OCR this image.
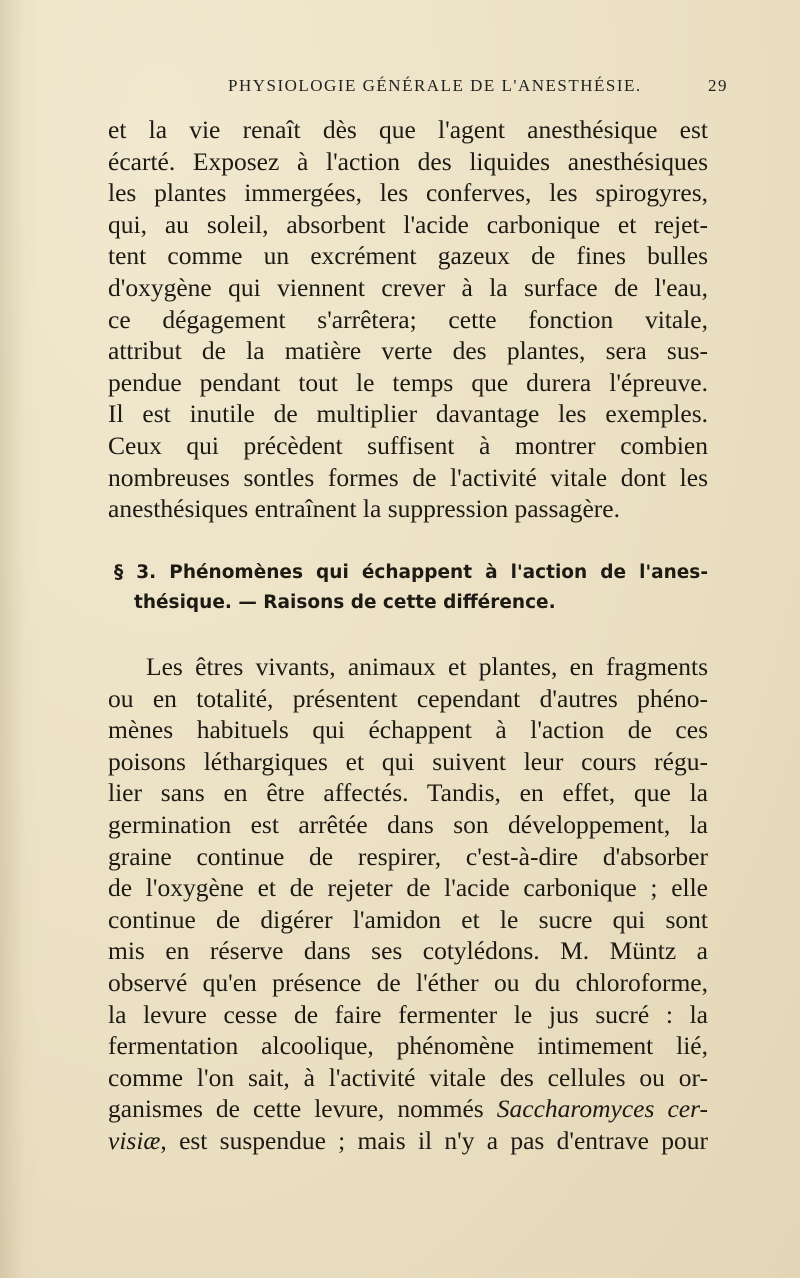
PHYSIOLOGIE GÉNÉRALE DE L'ANESTHÉSIE.	29
et la vie renaît dès que l'agent anesthésique est
écarté. Exposez à l'action des liquides anesthésiques
les plantes immergées, les conferves, les spirogyres,
qui, au soleil, absorbent l'acide carbonique et rejet-
tent comme un excrément gazeux de fines bulles
d'oxygène qui viennent crever à la surface de l'eau,
ce dégagement s'arrêtera; cette fonction vitale,
attribut de la matière verte des plantes, sera sus-
pendue pendant tout le temps que durera l'épreuve.
Il est inutile de multiplier davantage les exemples.
Ceux qui précèdent suffisent à montrer combien
nombreuses sontles formes de l'activité vitale dont les
anesthésiques entraînent la suppression passagère.
§ 3. Phénomènes qui échappent à l'action de l'anes-
thésique. — Raisons de cette différence.
Les êtres vivants, animaux et plantes, en fragments
ou en totalité, présentent cependant d'autres phéno-
mènes habituels qui échappent à l'action de ces
poisons léthargiques et qui suivent leur cours régu-
lier sans en être affectés. Tandis, en effet, que la
germination est arrêtée dans son développement, la
graine continue de respirer, c'est-à-dire d'absorber
de l'oxygène et de rejeter de l'acide carbonique ; elle
continue de digérer l'amidon et le sucre qui sont
mis en réserve dans ses cotylédons. M. Müntz a
observé qu'en présence de l'éther ou du chloroforme,
la levure cesse de faire fermenter le jus sucré : la
fermentation alcoolique, phénomène intimement lié,
comme l'on sait, à l'activité vitale des cellules ou or-
ganismes de cette levure, nommés Saccharomyces cer-
visiæ, est suspendue ; mais il n'y a pas d'entrave pour
